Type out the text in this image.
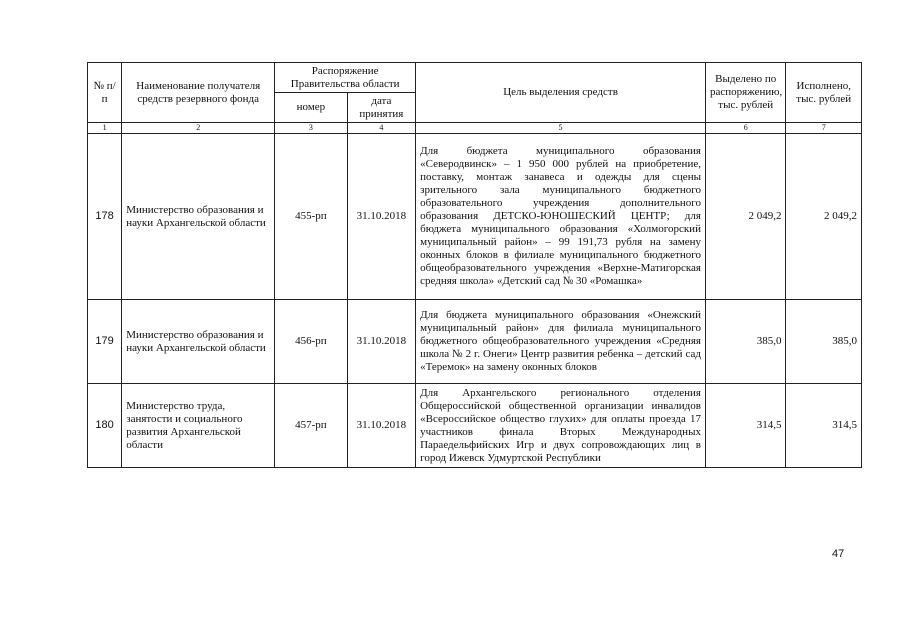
№ п/п	Наименование получателя средств резервного фонда	Распоряжение Правительства области		Цель выделения средств	Выделено по распоряжению, тыс. рублей	Исполнено, тыс. рублей
		номер	дата принятия			
1	2	3	4	5	6	7
178	Министерство образования и науки Архангельской области	455-рп	31.10.2018	Для бюджета муниципального образования «Северодвинск» – 1 950 000 рублей на приобретение, поставку, монтаж занавеса и одежды для сцены зрительного зала муниципального бюджетного образовательного учреждения дополнительного образования ДЕТСКО-ЮНОШЕСКИЙ ЦЕНТР; для бюджета муниципального образования «Холмогорский муниципальный район» – 99 191,73 рубля на замену оконных блоков в филиале муниципального бюджетного общеобразовательного учреждения «Верхне-Матигорская средняя школа» «Детский сад № 30 «Ромашка»	2 049,2	2 049,2
179	Министерство образования и науки Архангельской области	456-рп	31.10.2018	Для бюджета муниципального образования «Онежский муниципальный район» для филиала муниципального бюджетного общеобразовательного учреждения «Средняя школа № 2 г. Онеги» Центр развития ребенка – детский сад «Теремок» на замену оконных блоков	385,0	385,0
180	Министерство труда, занятости и социального развития Архангельской области	457-рп	31.10.2018	Для Архангельского регионального отделения Общероссийской общественной организации инвалидов «Всероссийское общество глухих» для оплаты проезда 17 участников финала Вторых Международных Параедельфийских Игр и двух сопровождающих лиц в город Ижевск Удмуртской Республики	314,5	314,5
47
